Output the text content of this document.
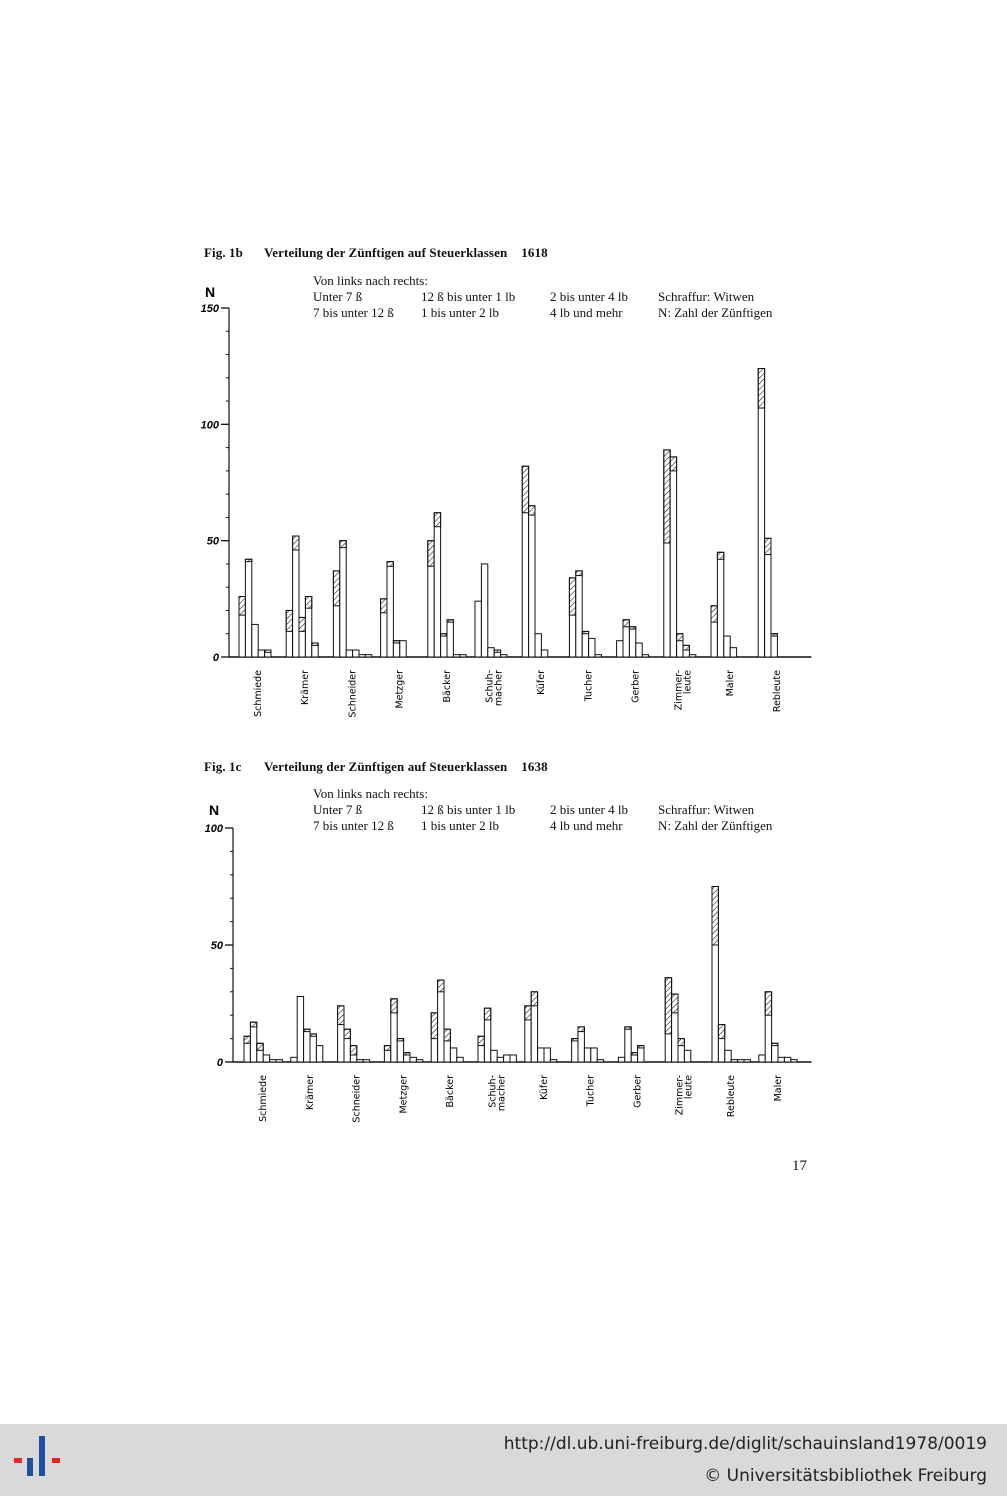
Fig. 1b Verteilung der Zünftigen auf Steuerklassen 1618
Von links nach rechts:
Unter 7 ß
7 bis unter 12 ß
12 ß bis unter 1 lb
1 bis unter 2 lb
2 bis unter 4 lb
4 lb und mehr
Schraffur: Witwen
N: Zahl der Zünftigen
0
50
100
150
N
Schmiede	Krämer	Schneider	Metzger	Bäcker	Schuh-
macher	Küfer	Tucher	Gerber	Zimmer-
leute	Maler	Rebleute
Fig. 1c Verteilung der Zünftigen auf Steuerklassen 1638
Von links nach rechts:
Unter 7 ß
7 bis unter 12 ß
12 ß bis unter 1 lb
1 bis unter 2 lb
2 bis unter 4 lb
4 lb und mehr
Schraffur: Witwen
N: Zahl der Zünftigen
0
50
100
N
Schmiede	Krämer	Schneider	Metzger	Bäcker	Schuh-
macher	Küfer	Tucher	Gerber	Zimmer-
leute	Rebleute	Maler
17
http://dl.ub.uni-freiburg.de/diglit/schauinsland1978/0019
© Universitätsbibliothek Freiburg
